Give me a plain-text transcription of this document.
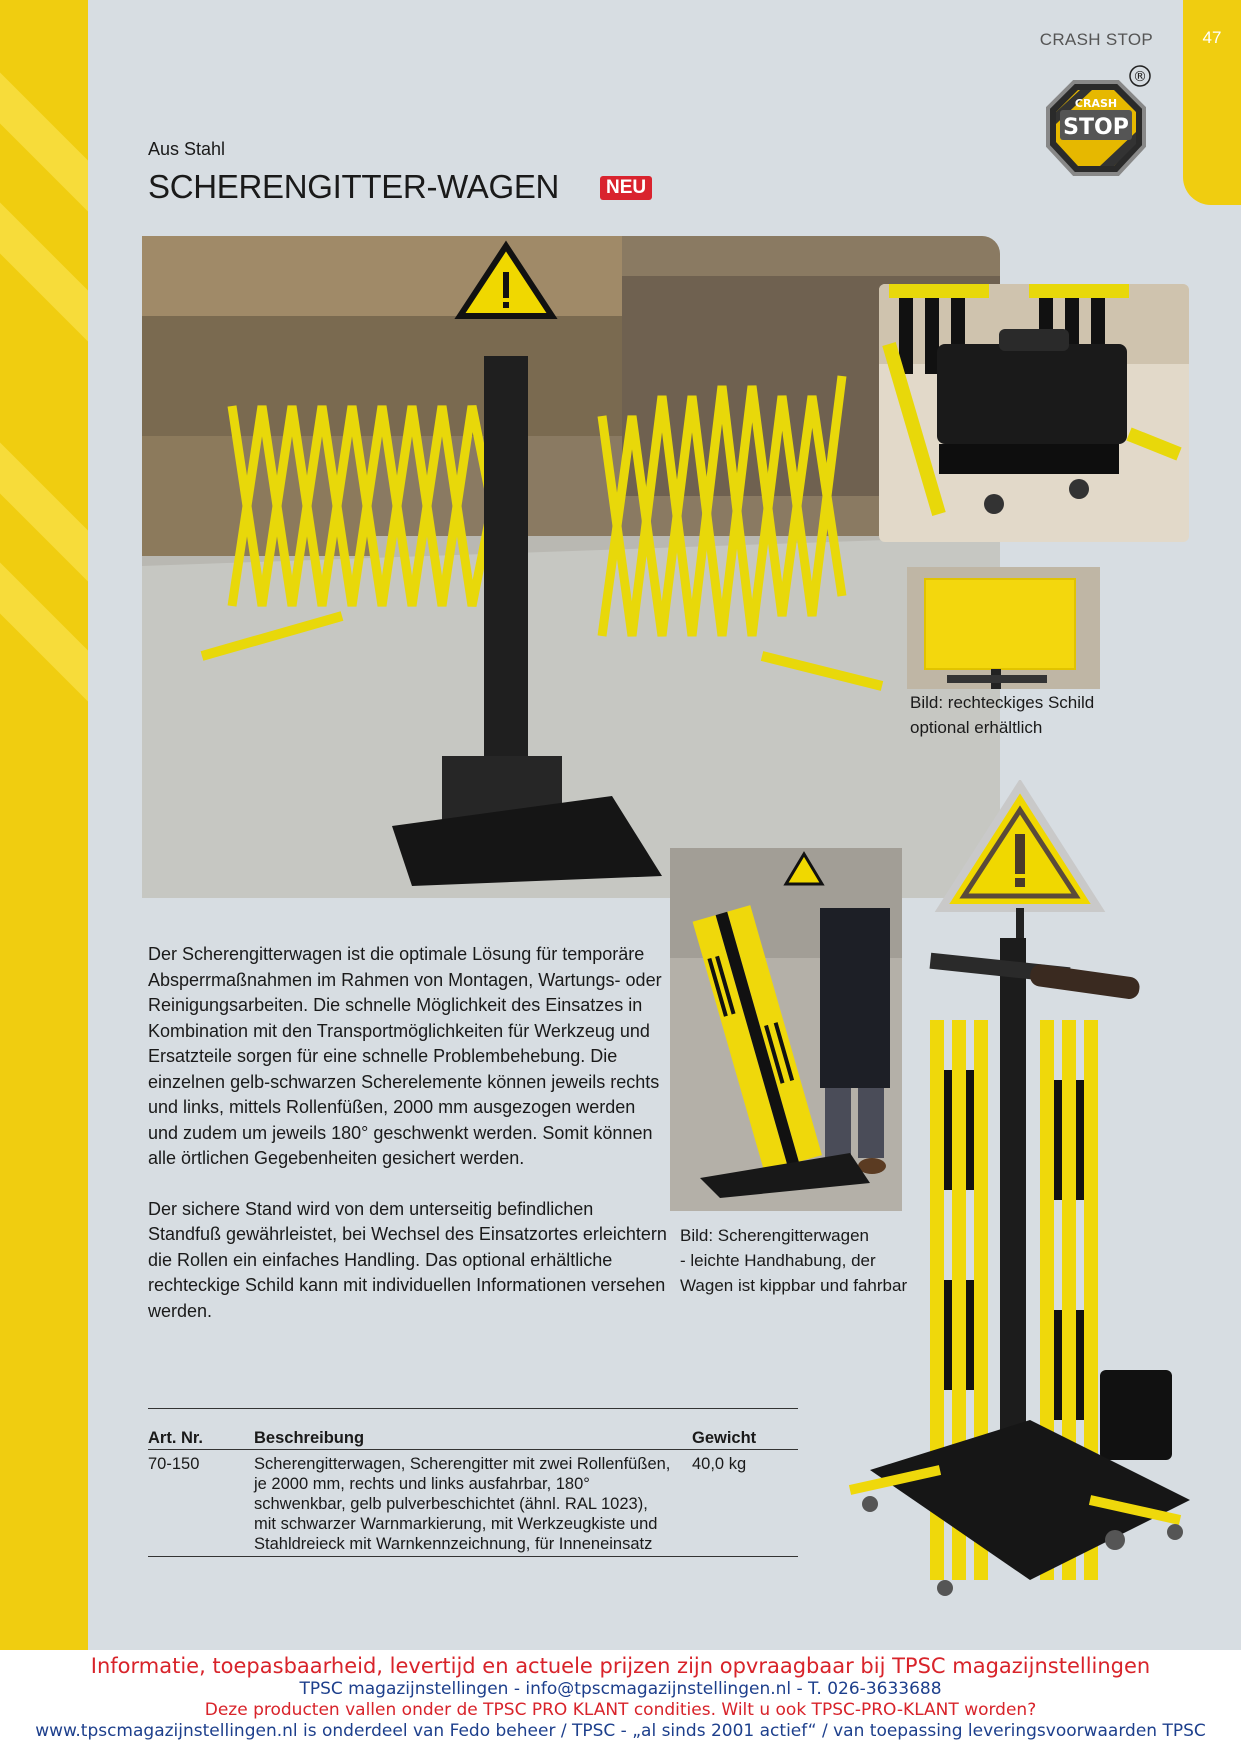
47
CRASH STOP
CRASH
STOP
®
Aus Stahl
SCHERENGITTER-WAGEN	NEU
Bild: rechteckiges Schild
optional erhältlich
Bild: Scherengitterwagen
- leichte Handhabung, der
Wagen ist kippbar und fahrbar

Der Scherengitterwagen ist die optimale Lösung für temporäre Absperrmaßnahmen im Rahmen von Montagen, Wartungs- oder Reinigungsarbeiten. Die schnelle Möglichkeit des Einsatzes in Kombination mit den Transportmöglichkeiten für Werkzeug und Ersatzteile sorgen für eine schnelle Problembehebung. Die einzelnen gelb-schwarzen Scherelemente können jeweils rechts und links, mittels Rollenfüßen, 2000 mm ausgezogen werden und zudem um jeweils 180° geschwenkt werden. Somit können alle örtlichen Gegebenheiten gesichert werden.

Der sichere Stand wird von dem unterseitig befindlichen Standfuß gewährleistet, bei Wechsel des Einsatzortes erleichtern die Rollen ein einfaches Handling. Das optional erhältliche rechteckige Schild kann mit individuellen Informationen versehen werden.

Art. Nr.	Beschreibung	Gewicht
70-150	Scherengitterwagen, Scherengitter mit zwei Rollenfüßen, je 2000 mm, rechts und links ausfahrbar, 180° schwenkbar, gelb pulverbeschichtet (ähnl. RAL 1023), mit schwarzer Warnmarkierung, mit Werkzeugkiste und Stahldreieck mit Warnkennzeichnung, für Inneneinsatz	40,0 kg
Informatie, toepasbaarheid, levertijd en actuele prijzen zijn opvraagbaar bij TPSC magazijnstellingen
TPSC magazijnstellingen - info@tpscmagazijnstellingen.nl - T. 026-3633688
Deze producten vallen onder de TPSC PRO KLANT condities. Wilt u ook TPSC-PRO-KLANT worden?
www.tpscmagazijnstellingen.nl is onderdeel van Fedo beheer / TPSC - „al sinds 2001 actief“ / van toepassing leveringsvoorwaarden TPSC
